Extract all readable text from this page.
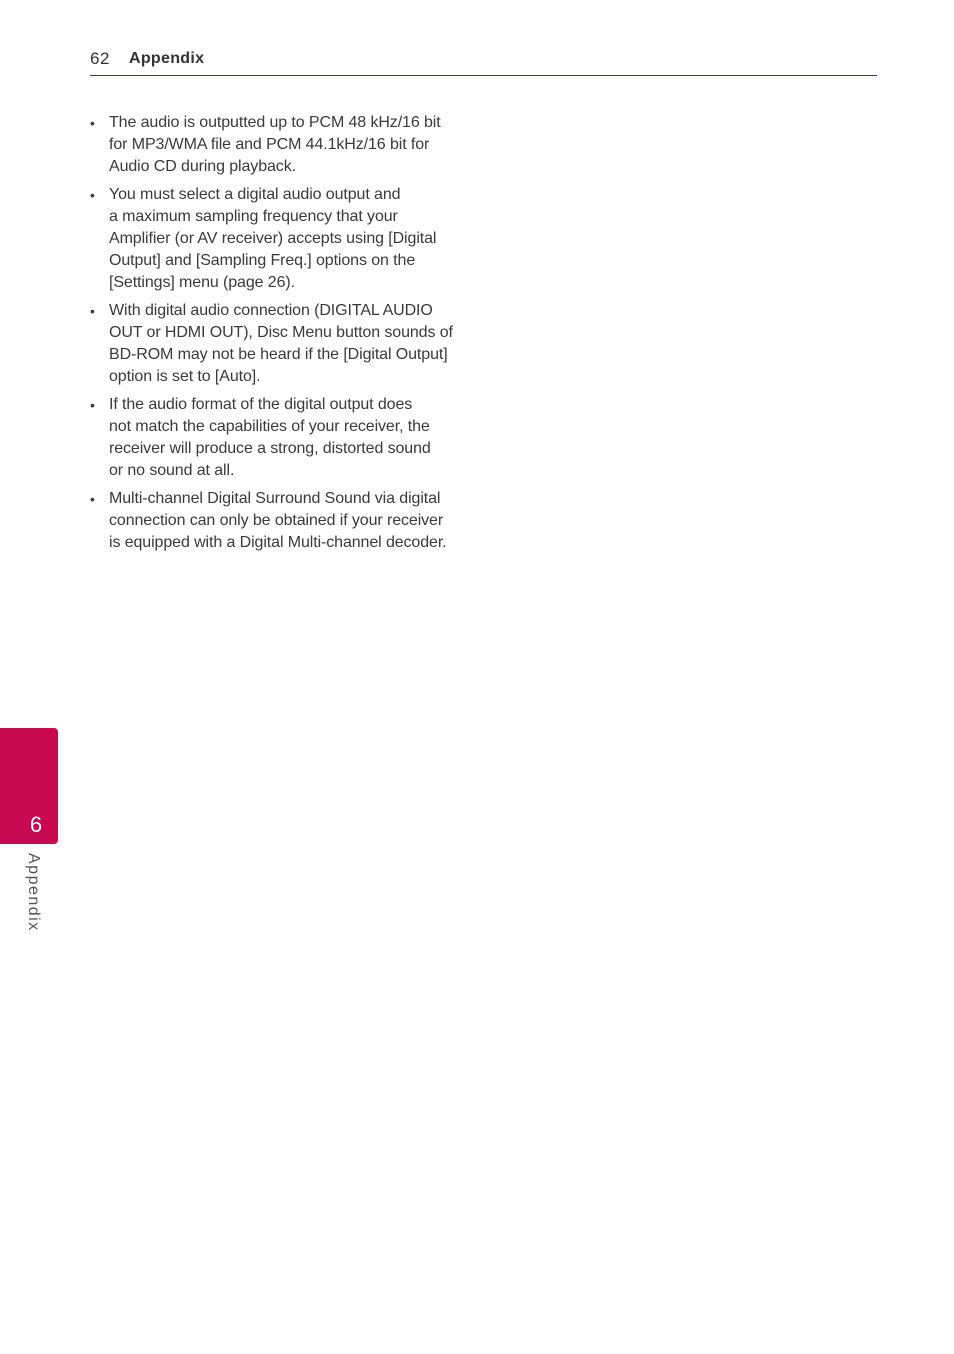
62 Appendix
• The audio is outputted up to PCM 48 kHz/16 bit
for MP3/WMA file and PCM 44.1kHz/16 bit for
Audio CD during playback.
• You must select a digital audio output and
a maximum sampling frequency that your
Amplifier (or AV receiver) accepts using [Digital
Output] and [Sampling Freq.] options on the
[Settings] menu (page 26).
• With digital audio connection (DIGITAL AUDIO
OUT or HDMI OUT), Disc Menu button sounds of
BD-ROM may not be heard if the [Digital Output]
option is set to [Auto].
• If the audio format of the digital output does
not match the capabilities of your receiver, the
receiver will produce a strong, distorted sound
or no sound at all.
• Multi-channel Digital Surround Sound via digital
connection can only be obtained if your receiver
is equipped with a Digital Multi-channel decoder.
6
Appendix
